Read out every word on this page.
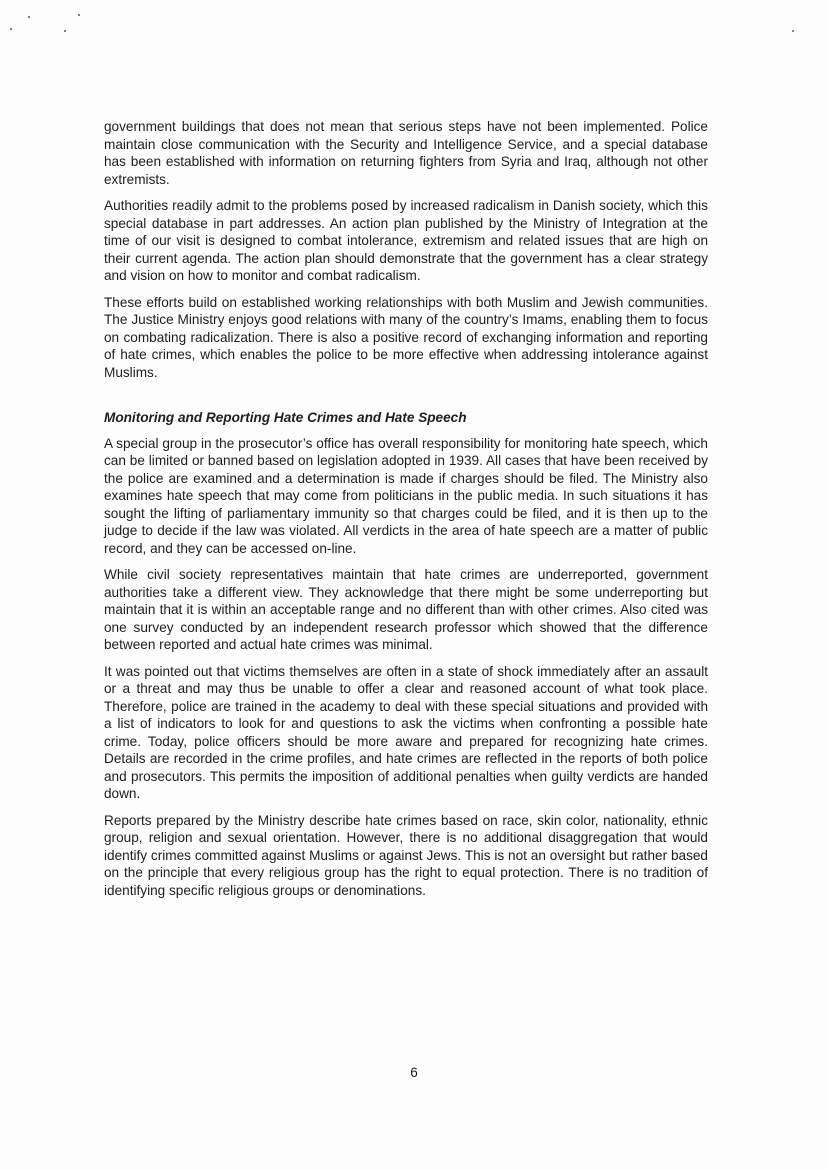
government buildings that does not mean that serious steps have not been implemented. Police maintain close communication with the Security and Intelligence Service, and a special database has been established with information on returning fighters from Syria and Iraq, although not other extremists.

Authorities readily admit to the problems posed by increased radicalism in Danish society, which this special database in part addresses. An action plan published by the Ministry of Integration at the time of our visit is designed to combat intolerance, extremism and related issues that are high on their current agenda. The action plan should demonstrate that the government has a clear strategy and vision on how to monitor and combat radicalism.

These efforts build on established working relationships with both Muslim and Jewish communities. The Justice Ministry enjoys good relations with many of the country’s Imams, enabling them to focus on combating radicalization. There is also a positive record of exchanging information and reporting of hate crimes, which enables the police to be more effective when addressing intolerance against Muslims.

Monitoring and Reporting Hate Crimes and Hate Speech

A special group in the prosecutor’s office has overall responsibility for monitoring hate speech, which can be limited or banned based on legislation adopted in 1939. All cases that have been received by the police are examined and a determination is made if charges should be filed. The Ministry also examines hate speech that may come from politicians in the public media. In such situations it has sought the lifting of parliamentary immunity so that charges could be filed, and it is then up to the judge to decide if the law was violated. All verdicts in the area of hate speech are a matter of public record, and they can be accessed on-line.

While civil society representatives maintain that hate crimes are underreported, government authorities take a different view. They acknowledge that there might be some underreporting but maintain that it is within an acceptable range and no different than with other crimes. Also cited was one survey conducted by an independent research professor which showed that the difference between reported and actual hate crimes was minimal.

It was pointed out that victims themselves are often in a state of shock immediately after an assault or a threat and may thus be unable to offer a clear and reasoned account of what took place. Therefore, police are trained in the academy to deal with these special situations and provided with a list of indicators to look for and questions to ask the victims when confronting a possible hate crime. Today, police officers should be more aware and prepared for recognizing hate crimes. Details are recorded in the crime profiles, and hate crimes are reflected in the reports of both police and prosecutors. This permits the imposition of additional penalties when guilty verdicts are handed down.

Reports prepared by the Ministry describe hate crimes based on race, skin color, nationality, ethnic group, religion and sexual orientation. However, there is no additional disaggregation that would identify crimes committed against Muslims or against Jews. This is not an oversight but rather based on the principle that every religious group has the right to equal protection. There is no tradition of identifying specific religious groups or denominations.

6
